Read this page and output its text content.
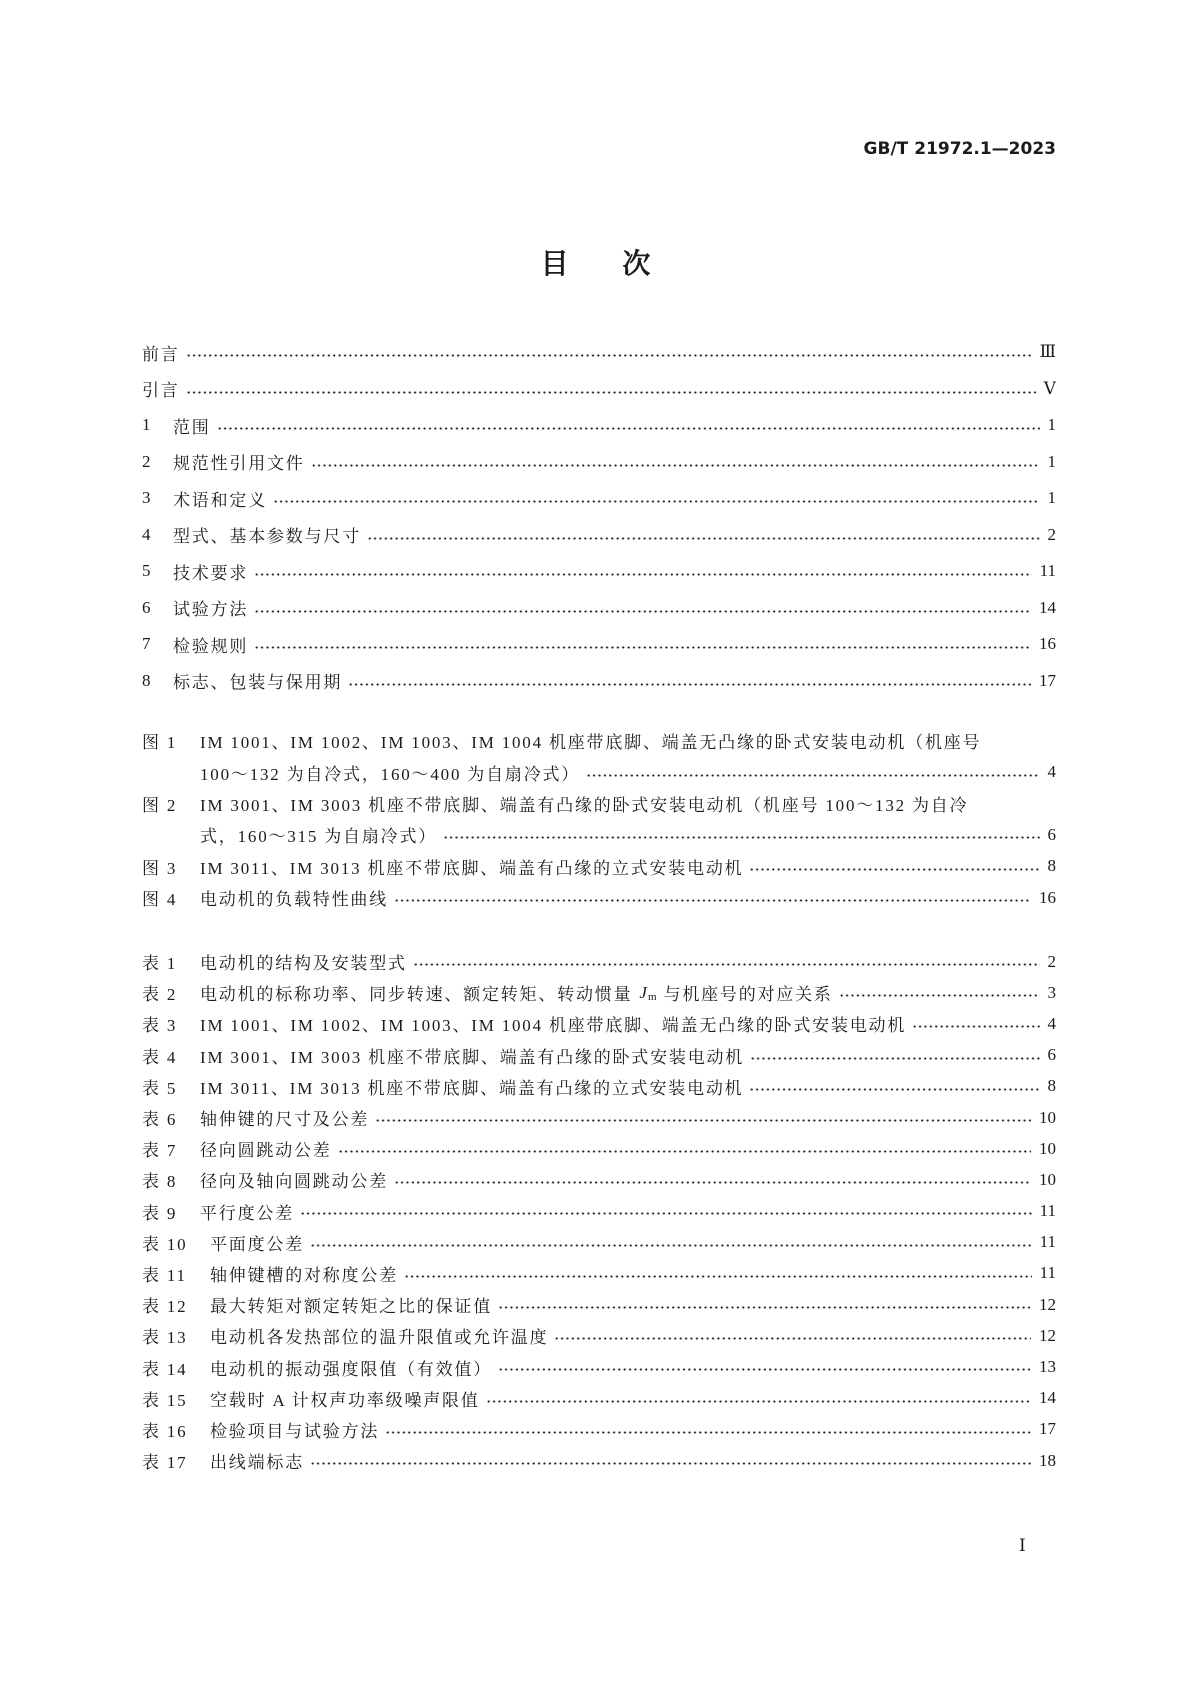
GB/T 21972.1—2023
目 次
前言	Ⅲ
引言	Ⅴ
1	范围	1
2	规范性引用文件	1
3	术语和定义	1
4	型式、基本参数与尺寸	2
5	技术要求	11
6	试验方法	14
7	检验规则	16
8	标志、包装与保用期	17
图 1	IM 1001、IM 1002、IM 1003、IM 1004 机座带底脚、端盖无凸缘的卧式安装电动机（机座号
100～132 为自冷式，160～400 为自扇冷式）	4
图 2	IM 3001、IM 3003 机座不带底脚、端盖有凸缘的卧式安装电动机（机座号 100～132 为自冷
式，160～315 为自扇冷式）	6
图 3	IM 3011、IM 3013 机座不带底脚、端盖有凸缘的立式安装电动机	8
图 4	电动机的负载特性曲线	16
表 1	电动机的结构及安装型式	2
表 2	电动机的标称功率、同步转速、额定转矩、转动惯量 J m 与机座号的对应关系	3
表 3	IM 1001、IM 1002、IM 1003、IM 1004 机座带底脚、端盖无凸缘的卧式安装电动机	4
表 4	IM 3001、IM 3003 机座不带底脚、端盖有凸缘的卧式安装电动机	6
表 5	IM 3011、IM 3013 机座不带底脚、端盖有凸缘的立式安装电动机	8
表 6	轴伸键的尺寸及公差	10
表 7	径向圆跳动公差	10
表 8	径向及轴向圆跳动公差	10
表 9	平行度公差	11
表 10	平面度公差	11
表 11	轴伸键槽的对称度公差	11
表 12	最大转矩对额定转矩之比的保证值	12
表 13	电动机各发热部位的温升限值或允许温度	12
表 14	电动机的振动强度限值（有效值）	13
表 15	空载时 A 计权声功率级噪声限值	14
表 16	检验项目与试验方法	17
表 17	出线端标志	18
Ⅰ
